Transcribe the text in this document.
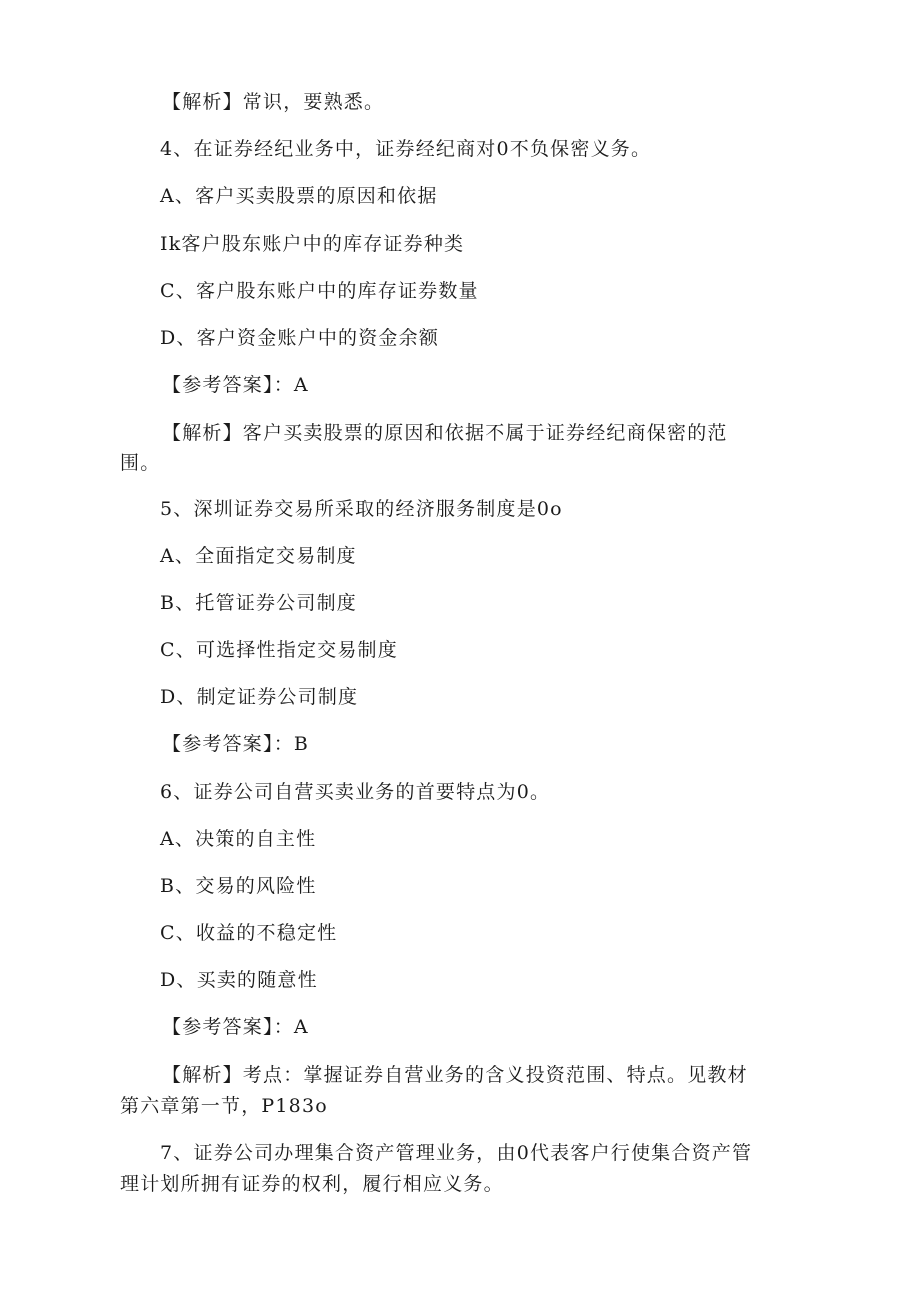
【解析】常识，要熟悉。
4、在证券经纪业务中，证券经纪商对0不负保密义务。
A、客户买卖股票的原因和依据
Ik客户股东账户中的库存证券种类
C、客户股东账户中的库存证券数量
D、客户资金账户中的资金余额
【参考答案】：A
【解析】客户买卖股票的原因和依据不属于证券经纪商保密的范
围。
5、深圳证券交易所采取的经济服务制度是0o
A、全面指定交易制度
B、托管证券公司制度
C、可选择性指定交易制度
D、制定证券公司制度
【参考答案】：B
6、证券公司自营买卖业务的首要特点为0。
A、决策的自主性
B、交易的风险性
C、收益的不稳定性
D、买卖的随意性
【参考答案】：A
【解析】考点：掌握证券自营业务的含义投资范围、特点。见教材
第六章第一节，P183o
7、证券公司办理集合资产管理业务，由0代表客户行使集合资产管
理计划所拥有证券的权利，履行相应义务。
